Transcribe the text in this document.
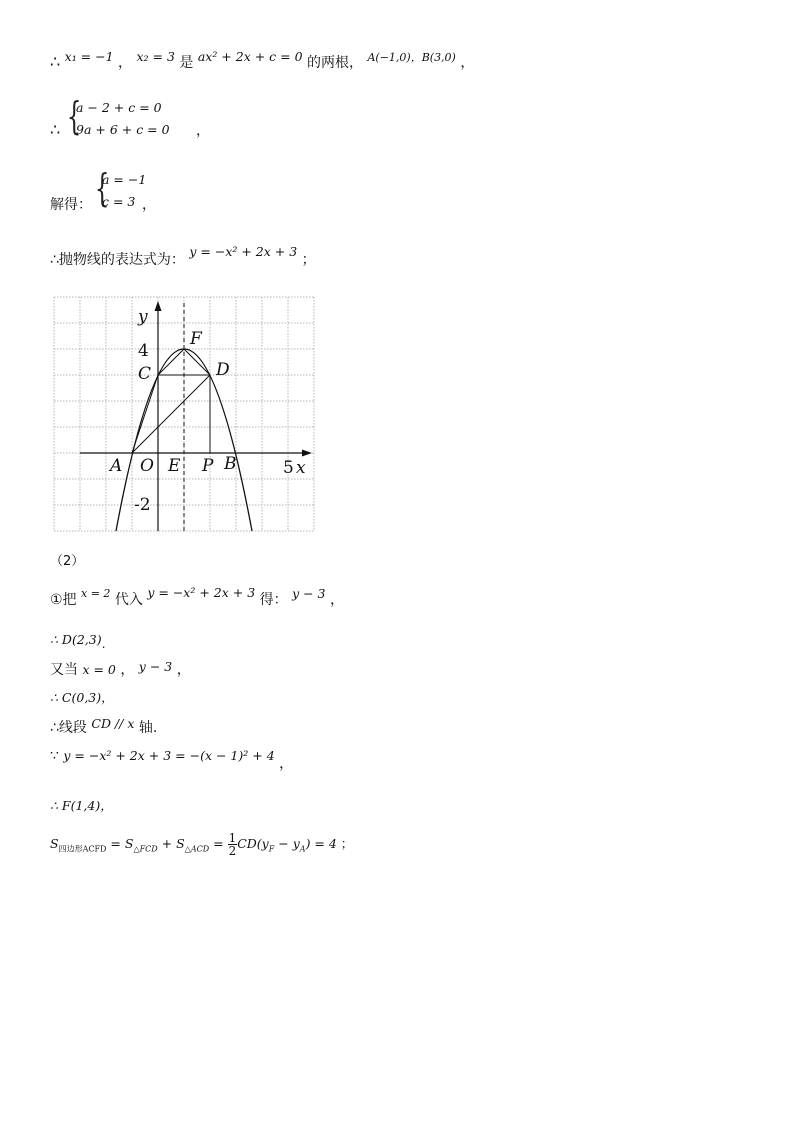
∴ x₁ = −1 ， x₂ = 3 是 ax² + 2x + c = 0 的两根， $^{A(-1,0),B(3,0)}$ ，
∴ {
a − 2 + c = 0
9a + 6 + c = 0 ，
解得： {
a = −1
c = 3 ，
∴抛物线的表达式为： y = −x² + 2x + 3 ；
y
4
F
C	D
A O E P B	5 x
-2
（2）
①把 $^{x = 2}$ 代入 y = −x² + 2x + 3 得： y − 3 ，
∴ D(2,3).
又当 x = 0 ， y − 3 ，
∴ C(0,3)，
∴线段 CD // x 轴.
∵ y = −x² + 2x + 3 = −(x − 1)² + 4 ，
∴ F(1,4)，
$S_{四边形ACFD} = S_{\triangle FCD} + S_{\triangle ACD} = \frac{1}{2} CD(y_F - y_A) = 4$ ；
